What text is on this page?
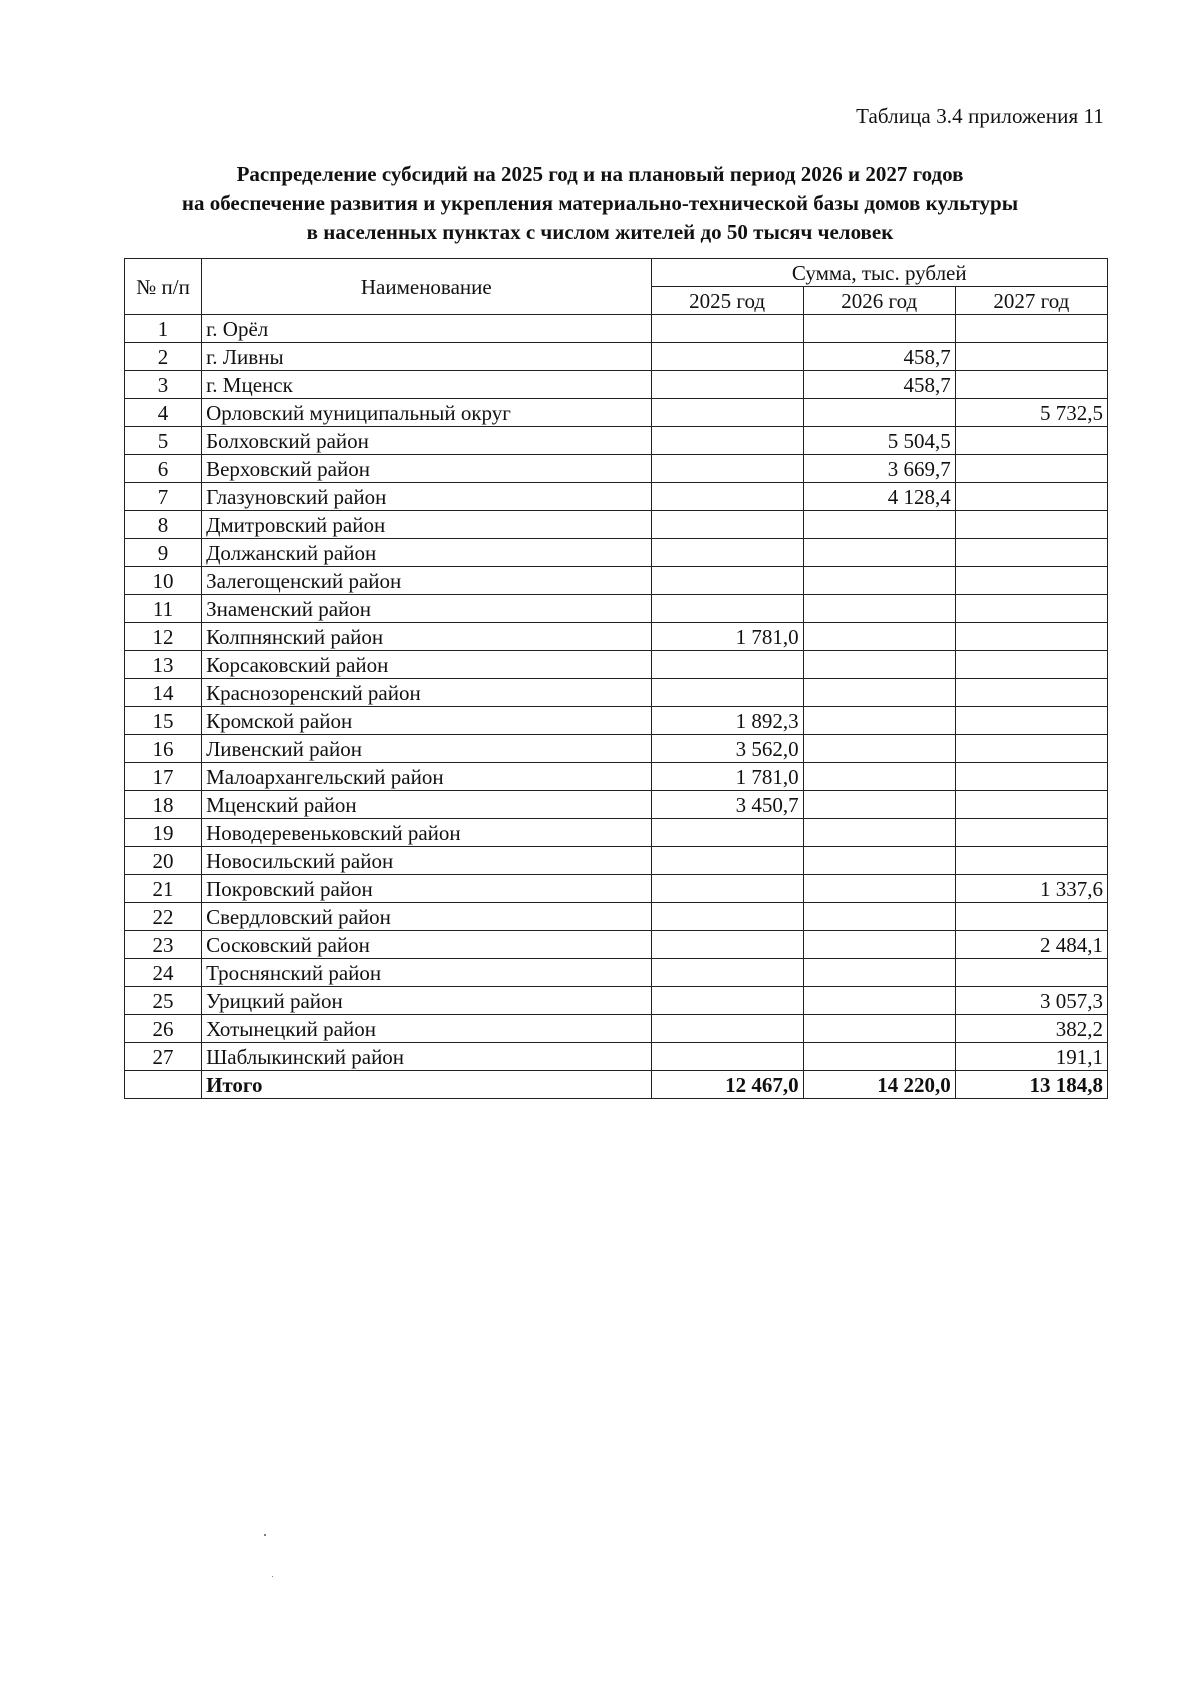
Таблица 3.4 приложения 11
Распределение субсидий на 2025 год и на плановый период 2026 и 2027 годов
на обеспечение развития и укрепления материально-технической базы домов культуры
в населенных пунктах с числом жителей до 50 тысяч человек
№ п/п	Наименование	Сумма, тыс. рублей		
		2025 год	2026 год	2027 год
1	г. Орёл			
2	г. Ливны		458,7	
3	г. Мценск		458,7	
4	Орловский муниципальный округ			5 732,5
5	Болховский район		5 504,5	
6	Верховский район		3 669,7	
7	Глазуновский район		4 128,4	
8	Дмитровский район			
9	Должанский район			
10	Залегощенский район			
11	Знаменский район			
12	Колпнянский район	1 781,0		
13	Корсаковский район			
14	Краснозоренский район			
15	Кромской район	1 892,3		
16	Ливенский район	3 562,0		
17	Малоархангельский район	1 781,0		
18	Мценский район	3 450,7		
19	Новодеревеньковский район			
20	Новосильский район			
21	Покровский район			1 337,6
22	Свердловский район			
23	Сосковский район			2 484,1
24	Троснянский район			
25	Урицкий район			3 057,3
26	Хотынецкий район			382,2
27	Шаблыкинский район			191,1
	Итого	12 467,0	14 220,0	13 184,8
